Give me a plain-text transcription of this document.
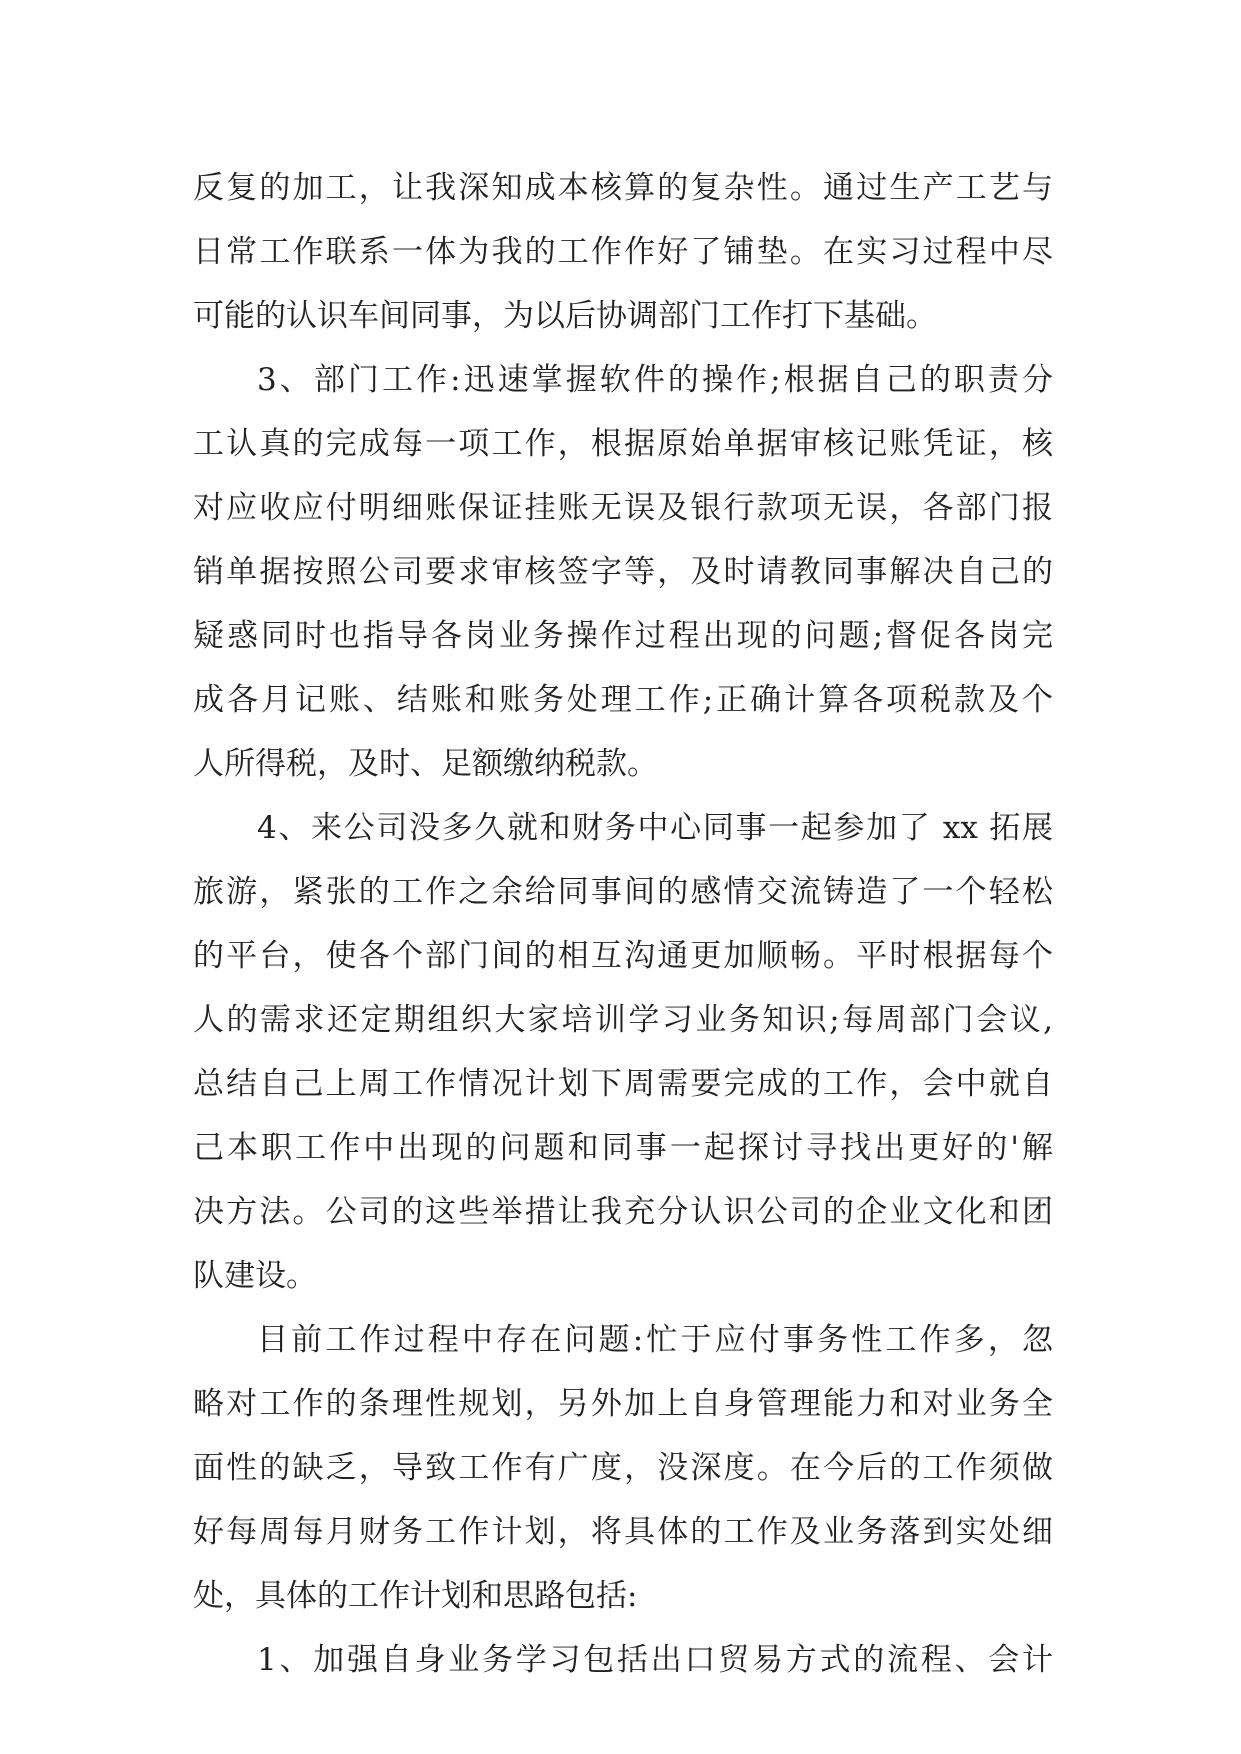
反复的加工，让我深知成本核算的复杂性。通过生产工艺与
日常工作联系一体为我的工作作好了铺垫。在实习过程中尽
可能的认识车间同事，为以后协调部门工作打下基础。
3、部门工作:迅速掌握软件的操作;根据自己的职责分
工认真的完成每一项工作，根据原始单据审核记账凭证，核
对应收应付明细账保证挂账无误及银行款项无误，各部门报
销单据按照公司要求审核签字等，及时请教同事解决自己的
疑惑同时也指导各岗业务操作过程出现的问题;督促各岗完
成各月记账、结账和账务处理工作;正确计算各项税款及个
人所得税，及时、足额缴纳税款。
4、来公司没多久就和财务中心同事一起参加了 xx 拓展
旅游，紧张的工作之余给同事间的感情交流铸造了一个轻松
的平台，使各个部门间的相互沟通更加顺畅。平时根据每个
人的需求还定期组织大家培训学习业务知识;每周部门会议,
总结自己上周工作情况计划下周需要完成的工作，会中就自
己本职工作中出现的问题和同事一起探讨寻找出更好的'解
决方法。公司的这些举措让我充分认识公司的企业文化和团
队建设。
目前工作过程中存在问题:忙于应付事务性工作多，忽
略对工作的条理性规划，另外加上自身管理能力和对业务全
面性的缺乏，导致工作有广度，没深度。在今后的工作须做
好每周每月财务工作计划，将具体的工作及业务落到实处细
处，具体的工作计划和思路包括:
1、加强自身业务学习包括出口贸易方式的流程、会计
